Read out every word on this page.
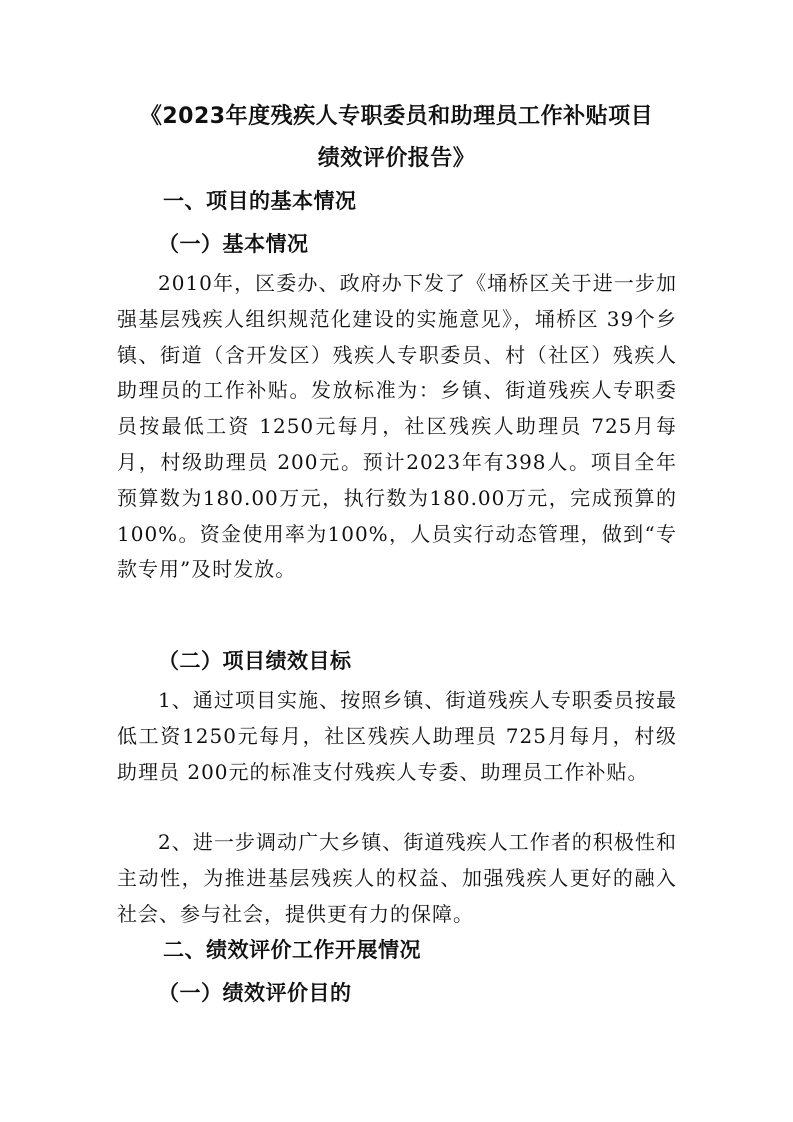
《2023年度残疾人专职委员和助理员工作补贴项目
绩效评价报告》
一、项目的基本情况
（一）基本情况
2010年，区委办、政府办下发了《埇桥区关于进一步加强基层残疾人组织规范化建设的实施意见》，埇桥区 39个乡镇、街道（含开发区）残疾人专职委员、村（社区）残疾人助理员的工作补贴。发放标准为：乡镇、街道残疾人专职委员按最低工资 1250元每月，社区残疾人助理员 725月每月，村级助理员 200元。预计2023年有398人。项目全年预算数为180.00万元，执行数为180.00万元，完成预算的100%。资金使用率为100%，人员实行动态管理，做到“专款专用”及时发放。
（二）项目绩效目标
1、通过项目实施、按照乡镇、街道残疾人专职委员按最低工资1250元每月，社区残疾人助理员 725月每月，村级助理员 200元的标准支付残疾人专委、助理员工作补贴。
2、进一步调动广大乡镇、街道残疾人工作者的积极性和主动性，为推进基层残疾人的权益、加强残疾人更好的融入社会、参与社会，提供更有力的保障。
二、绩效评价工作开展情况
（一）绩效评价目的
